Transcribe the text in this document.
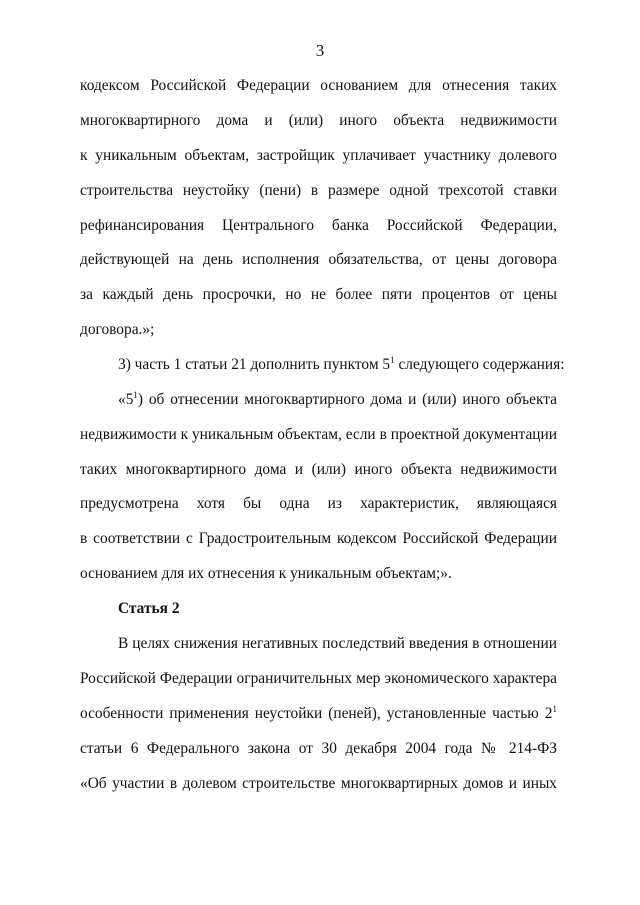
3
кодексом Российской Федерации основанием для отнесения таких
многоквартирного дома и (или) иного объекта недвижимости
к уникальным объектам, застройщик уплачивает участнику долевого
строительства неустойку (пени) в размере одной трехсотой ставки
рефинансирования Центрального банка Российской Федерации,
действующей на день исполнения обязательства, от цены договора
за каждый день просрочки, но не более пяти процентов от цены
договора.»;
3) часть 1 статьи 21 дополнить пунктом $5^1$ следующего содержания:
«$5^1$) об отнесении многоквартирного дома и (или) иного объекта
недвижимости к уникальным объектам, если в проектной документации
таких многоквартирного дома и (или) иного объекта недвижимости
предусмотрена хотя бы одна из характеристик, являющаяся
в соответствии с Градостроительным кодексом Российской Федерации
основанием для их отнесения к уникальным объектам;».
Статья 2
В целях снижения негативных последствий введения в отношении
Российской Федерации ограничительных мер экономического характера
особенности применения неустойки (пеней), установленные частью $2^1$
статьи 6 Федерального закона от 30 декабря 2004 года № 214-ФЗ
«Об участии в долевом строительстве многоквартирных домов и иных
